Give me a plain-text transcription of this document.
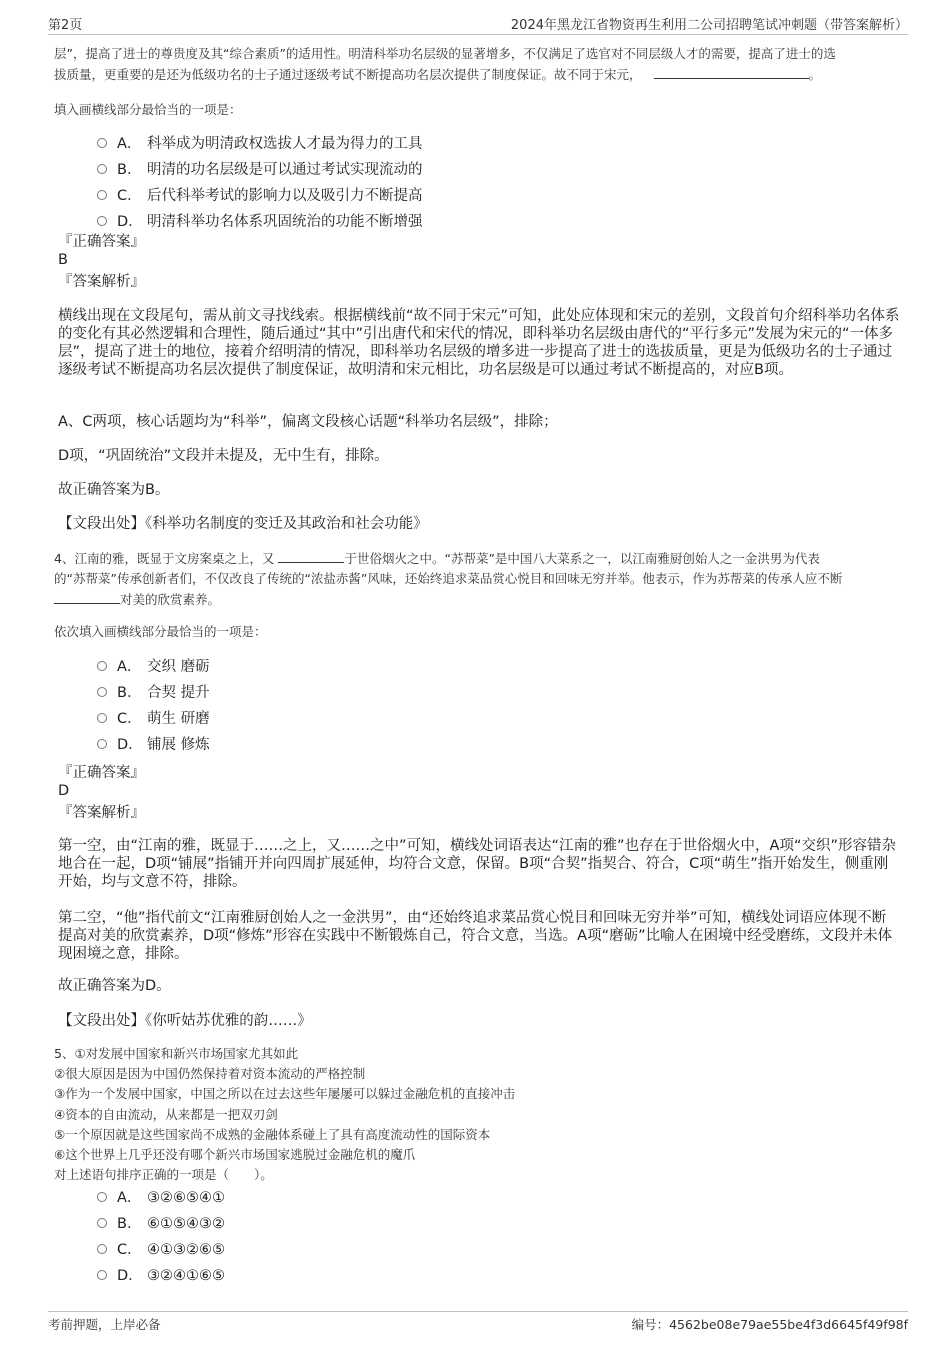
第2页	2024年黑龙江省物资再生利用二公司招聘笔试冲刺题（带答案解析）
层”，提高了进士的尊贵度及其“综合素质”的适用性。明清科举功名层级的显著增多，不仅满足了选官对不同层级人才的需要，提高了进士的选
拔质量，更重要的是还为低级功名的士子通过逐级考试不断提高功名层次提供了制度保证。故不同于宋元，	。
填入画横线部分最恰当的一项是：
A． 科举成为明清政权选拔人才最为得力的工具
B． 明清的功名层级是可以通过考试实现流动的
C． 后代科举考试的影响力以及吸引力不断提高
D． 明清科举功名体系巩固统治的功能不断增强
『正确答案』
B
『答案解析』
横线出现在文段尾句，需从前文寻找线索。根据横线前“故不同于宋元”可知，此处应体现和宋元的差别，文段首句介绍科举功名体系的变化有其必然逻辑和合理性，随后通过“其中”引出唐代和宋代的情况，即科举功名层级由唐代的“平行多元”发展为宋元的“一体多层”，提高了进士的地位，接着介绍明清的情况，即科举功名层级的增多进一步提高了进士的选拔质量，更是为低级功名的士子通过逐级考试不断提高功名层次提供了制度保证，故明清和宋元相比，功名层级是可以通过考试不断提高的，对应B项。
A、C两项，核心话题均为“科举”，偏离文段核心话题“科举功名层级”，排除；
D项，“巩固统治”文段并未提及，无中生有，排除。
故正确答案为B。
【文段出处】《科举功名制度的变迁及其政治和社会功能》
4、江南的雅，既显于文房案桌之上，又	于世俗烟火之中。“苏帮菜”是中国八大菜系之一，以江南雅厨创始人之一金洪男为代表
的“苏帮菜”传承创新者们，不仅改良了传统的“浓盐赤酱”风味，还始终追求菜品赏心悦目和回味无穷并举。他表示，作为苏帮菜的传承人应不断
对美的欣赏素养。
依次填入画横线部分最恰当的一项是：
A． 交织 磨砺
B． 合契 提升
C． 萌生 研磨
D． 铺展 修炼
『正确答案』
D
『答案解析』
第一空，由“江南的雅，既显于……之上，又……之中”可知，横线处词语表达“江南的雅”也存在于世俗烟火中，A项“交织”形容错杂地合在一起，D项“铺展”指铺开并向四周扩展延伸，均符合文意，保留。B项“合契”指契合、符合，C项“萌生”指开始发生，侧重刚开始，均与文意不符，排除。
第二空，“他”指代前文“江南雅厨创始人之一金洪男”，由“还始终追求菜品赏心悦目和回味无穷并举”可知，横线处词语应体现不断提高对美的欣赏素养，D项“修炼”形容在实践中不断锻炼自己，符合文意，当选。A项“磨砺”比喻人在困境中经受磨练，文段并未体现困境之意，排除。
故正确答案为D。
【文段出处】《你听姑苏优雅的韵……》
5、①对发展中国家和新兴市场国家尤其如此
②很大原因是因为中国仍然保持着对资本流动的严格控制
③作为一个发展中国家，中国之所以在过去这些年屡屡可以躲过金融危机的直接冲击
④资本的自由流动，从来都是一把双刃剑
⑤一个原因就是这些国家尚不成熟的金融体系碰上了具有高度流动性的国际资本
⑥这个世界上几乎还没有哪个新兴市场国家逃脱过金融危机的魔爪
对上述语句排序正确的一项是（　　）。
A． ③②⑥⑤④①
B． ⑥①⑤④③②
C． ④①③②⑥⑤
D． ③②④①⑥⑤
考前押题，上岸必备	编号：4562be08e79ae55be4f3d6645f49f98f
